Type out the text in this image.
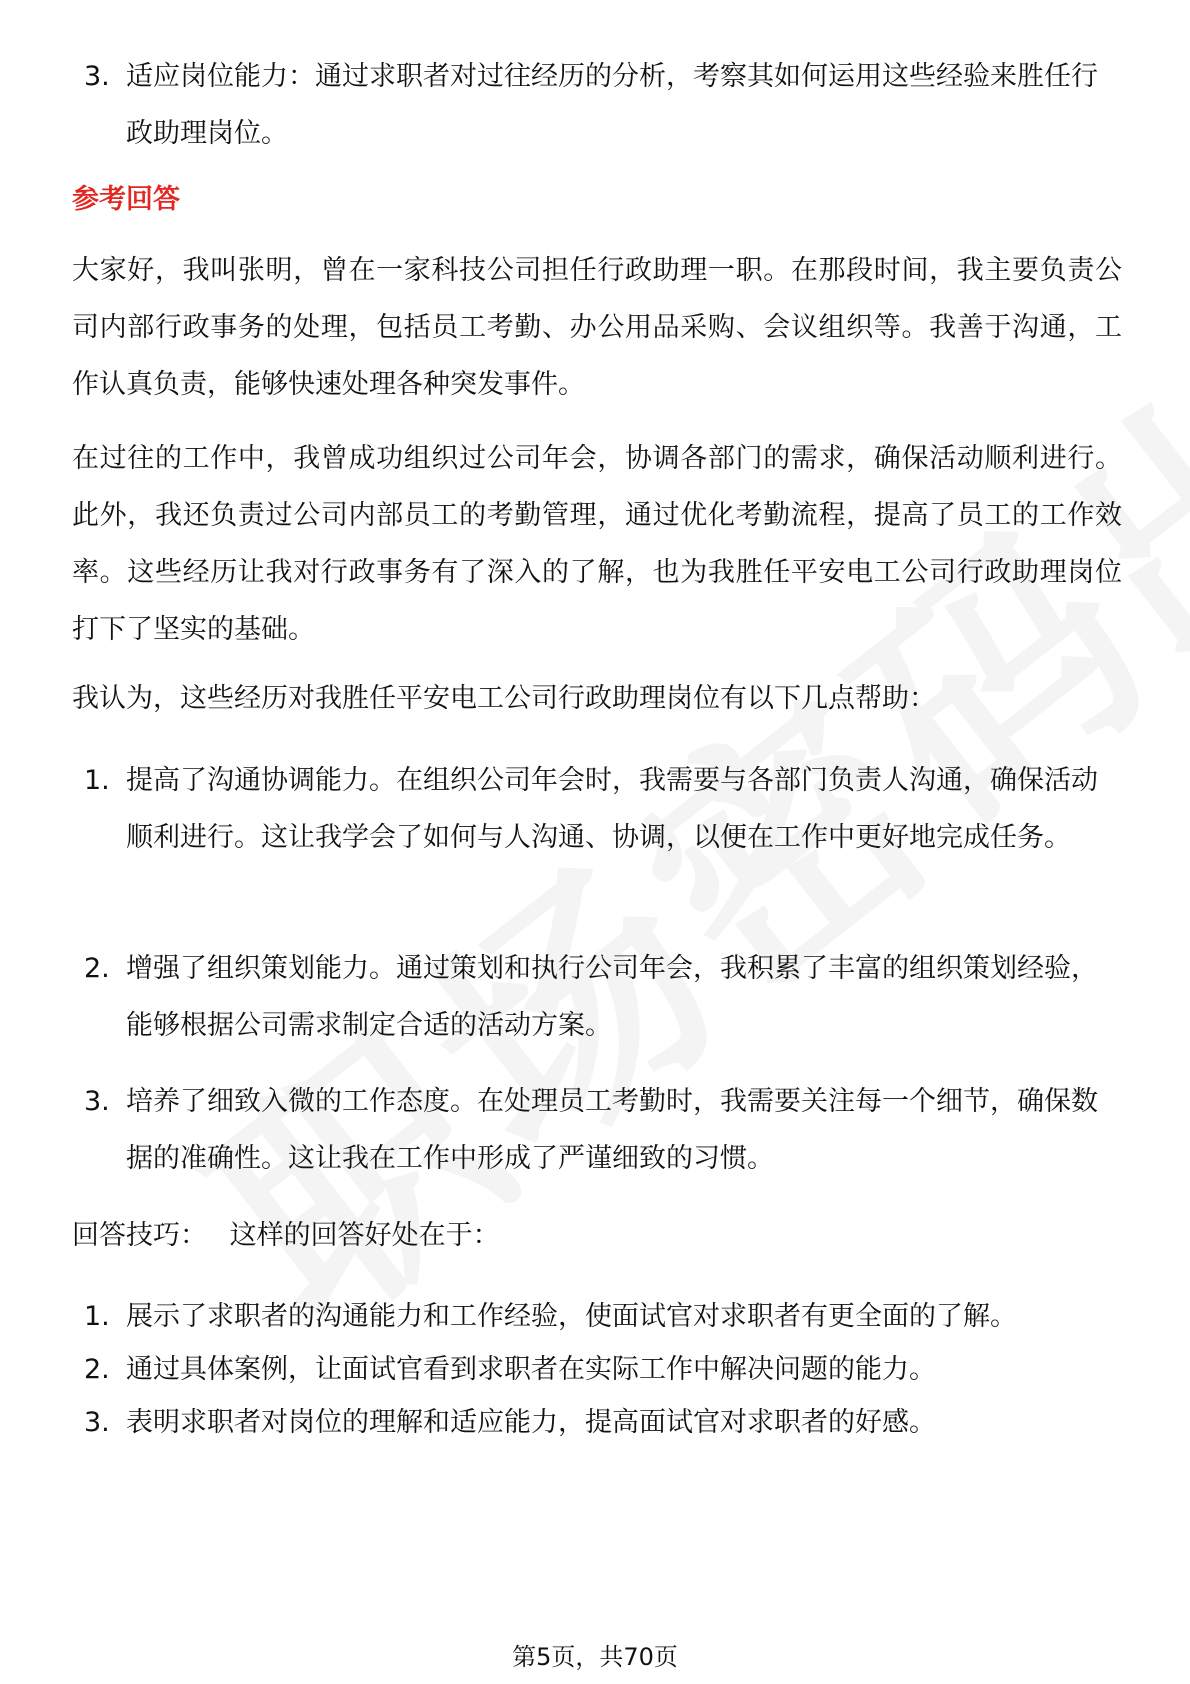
3. 适应岗位能力：通过求职者对过往经历的分析，考察其如何运用这些经验来胜任行政助理岗位。
参考回答
大家好，我叫张明，曾在一家科技公司担任行政助理一职。在那段时间，我主要负责公司内部行政事务的处理，包括员工考勤、办公用品采购、会议组织等。我善于沟通，工作认真负责，能够快速处理各种突发事件。
在过往的工作中，我曾成功组织过公司年会，协调各部门的需求，确保活动顺利进行。此外，我还负责过公司内部员工的考勤管理，通过优化考勤流程，提高了员工的工作效率。这些经历让我对行政事务有了深入的了解，也为我胜任平安电工公司行政助理岗位打下了坚实的基础。
我认为，这些经历对我胜任平安电工公司行政助理岗位有以下几点帮助：
1. 提高了沟通协调能力。在组织公司年会时，我需要与各部门负责人沟通，确保活动顺利进行。这让我学会了如何与人沟通、协调，以便在工作中更好地完成任务。
2. 增强了组织策划能力。通过策划和执行公司年会，我积累了丰富的组织策划经验，能够根据公司需求制定合适的活动方案。
3. 培养了细致入微的工作态度。在处理员工考勤时，我需要关注每一个细节，确保数据的准确性。这让我在工作中形成了严谨细致的习惯。
回答技巧： 这样的回答好处在于：
1. 展示了求职者的沟通能力和工作经验，使面试官对求职者有更全面的了解。
2. 通过具体案例，让面试官看到求职者在实际工作中解决问题的能力。
3. 表明求职者对岗位的理解和适应能力，提高面试官对求职者的好感。
第5页，共70页
